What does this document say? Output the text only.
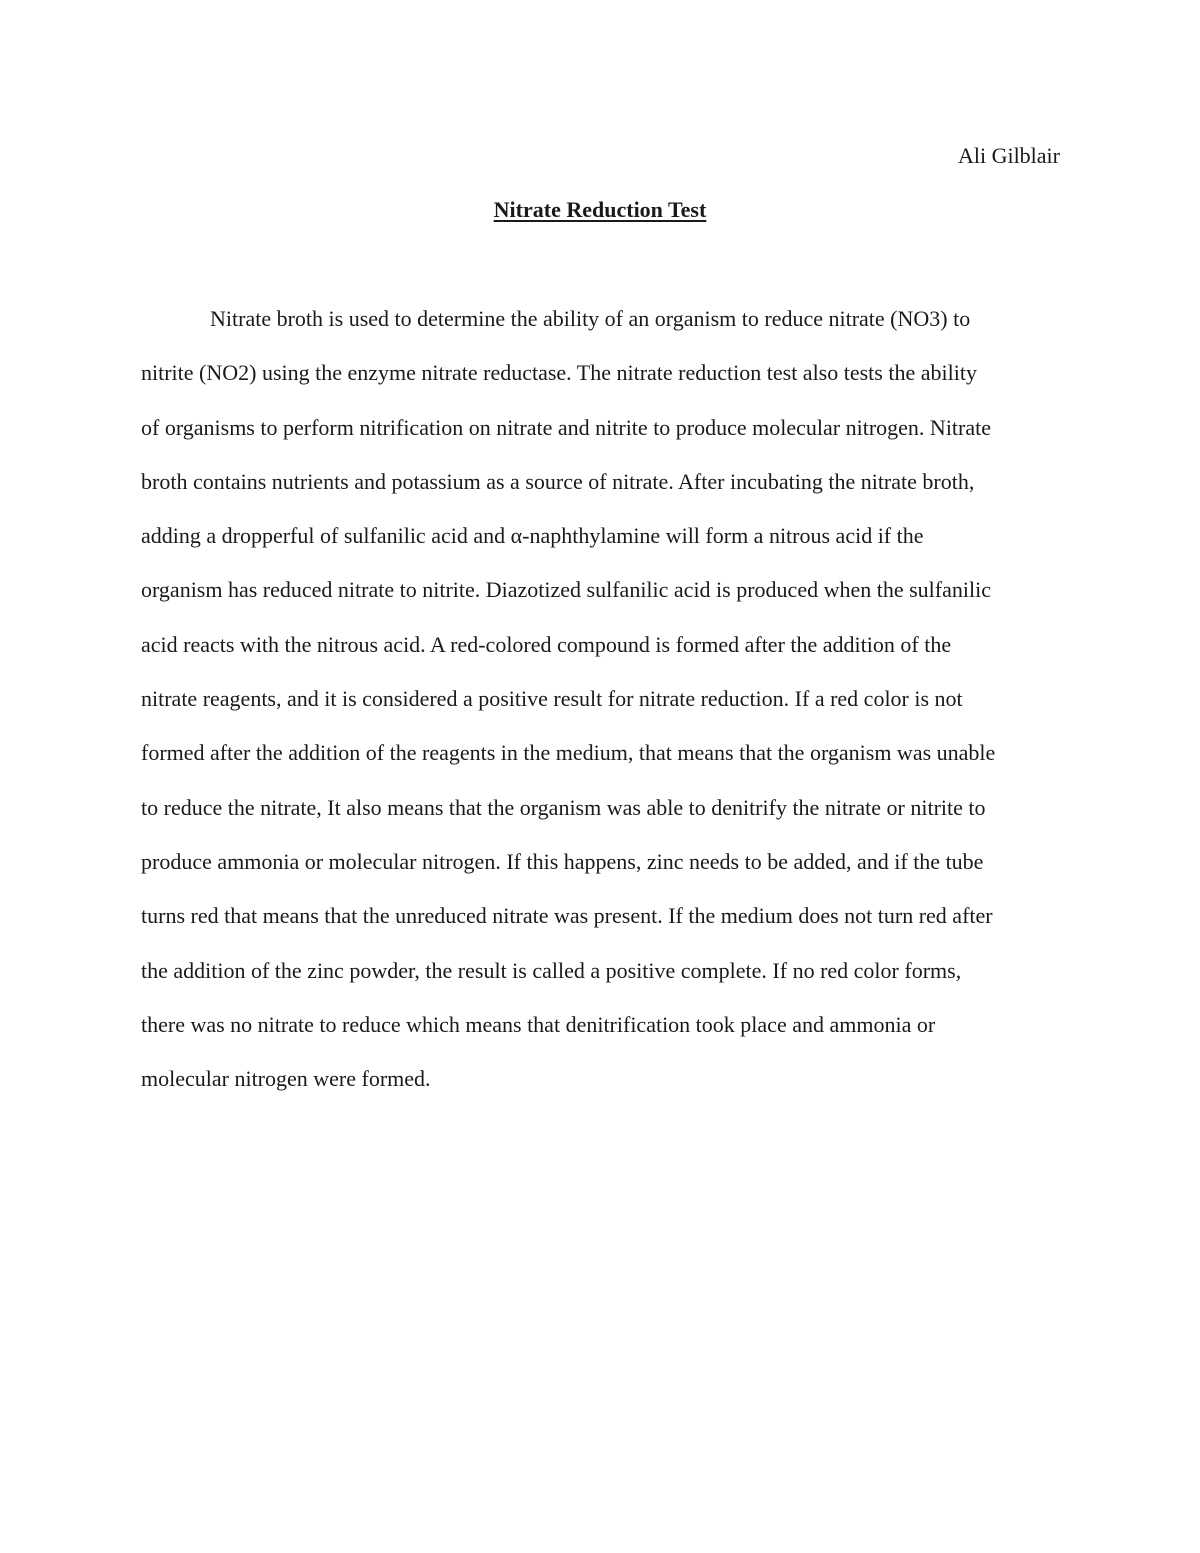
Ali Gilblair
Nitrate Reduction Test
Nitrate broth is used to determine the ability of an organism to reduce nitrate (NO3) to
nitrite (NO2) using the enzyme nitrate reductase. The nitrate reduction test also tests the ability
of organisms to perform nitrification on nitrate and nitrite to produce molecular nitrogen. Nitrate
broth contains nutrients and potassium as a source of nitrate. After incubating the nitrate broth,
adding a dropperful of sulfanilic acid and α-naphthylamine will form a nitrous acid if the
organism has reduced nitrate to nitrite. Diazotized sulfanilic acid is produced when the sulfanilic
acid reacts with the nitrous acid. A red-colored compound is formed after the addition of the
nitrate reagents, and it is considered a positive result for nitrate reduction. If a red color is not
formed after the addition of the reagents in the medium, that means that the organism was unable
to reduce the nitrate, It also means that the organism was able to denitrify the nitrate or nitrite to
produce ammonia or molecular nitrogen. If this happens, zinc needs to be added, and if the tube
turns red that means that the unreduced nitrate was present. If the medium does not turn red after
the addition of the zinc powder, the result is called a positive complete. If no red color forms,
there was no nitrate to reduce which means that denitrification took place and ammonia or
molecular nitrogen were formed.
